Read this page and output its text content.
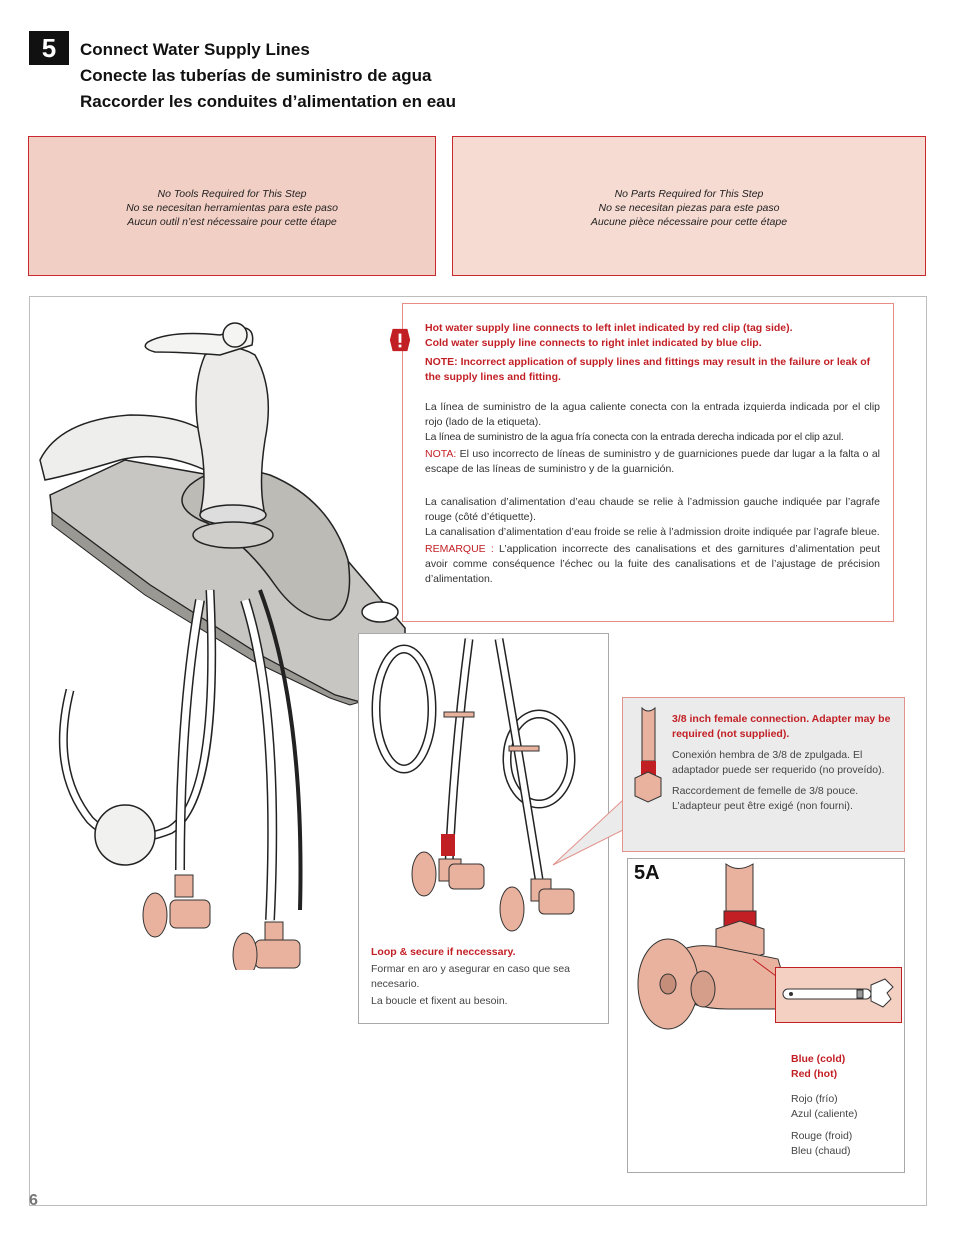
5	Connect Water Supply Lines
Conecte las tuberías de suministro de agua
Raccorder les conduites d’alimentation en eau
No Tools Required for This Step
No se necesitan herramientas para este paso
Aucun outil n’est nécessaire pour cette étape
No Parts Required for This Step
No se necesitan piezas para este paso
Aucune pièce nécessaire pour cette étape
Hot water supply line connects to left inlet indicated by red clip (tag side).
Cold water supply line connects to right inlet indicated by blue clip.
NOTE: Incorrect application of supply lines and fittings may result in the failure or leak of the supply lines and fitting.
La línea de suministro de la agua caliente conecta con la entrada izquierda indicada por el clip rojo (lado de la etiqueta).
La línea de suministro de la agua fría conecta con la entrada derecha indicada por el clip azul.
NOTA: El uso incorrecto de líneas de suministro y de guarniciones puede dar lugar a la falta o al escape de las líneas de suministro y de la guarnición.
La canalisation d’alimentation d’eau chaude se relie à l’admission gauche indiquée par l’agrafe rouge (côté d’étiquette).
La canalisation d’alimentation d’eau froide se relie à l’admission droite indiquée par l’agrafe bleue.
REMARQUE : L’application incorrecte des canalisations et des garnitures d’alimentation peut avoir comme conséquence l’échec ou la fuite des canalisations et de l’ajustage de précision d’alimentation.
Loop & secure if neccessary.
Formar en aro y asegurar en caso que sea necesario.
La boucle et fixent au besoin.
3/8 inch female connection. Adapter may be required (not supplied).
Conexión hembra de 3/8 de zpulgada. El adaptador puede ser requerido (no proveído).
Raccordement de femelle de 3/8 pouce. L’adapteur peut être exigé (non fourni).
Blue (cold)
Red (hot)
Rojo (frío)
Azul (caliente)
Rouge (froid)
Bleu (chaud)
5A
6
